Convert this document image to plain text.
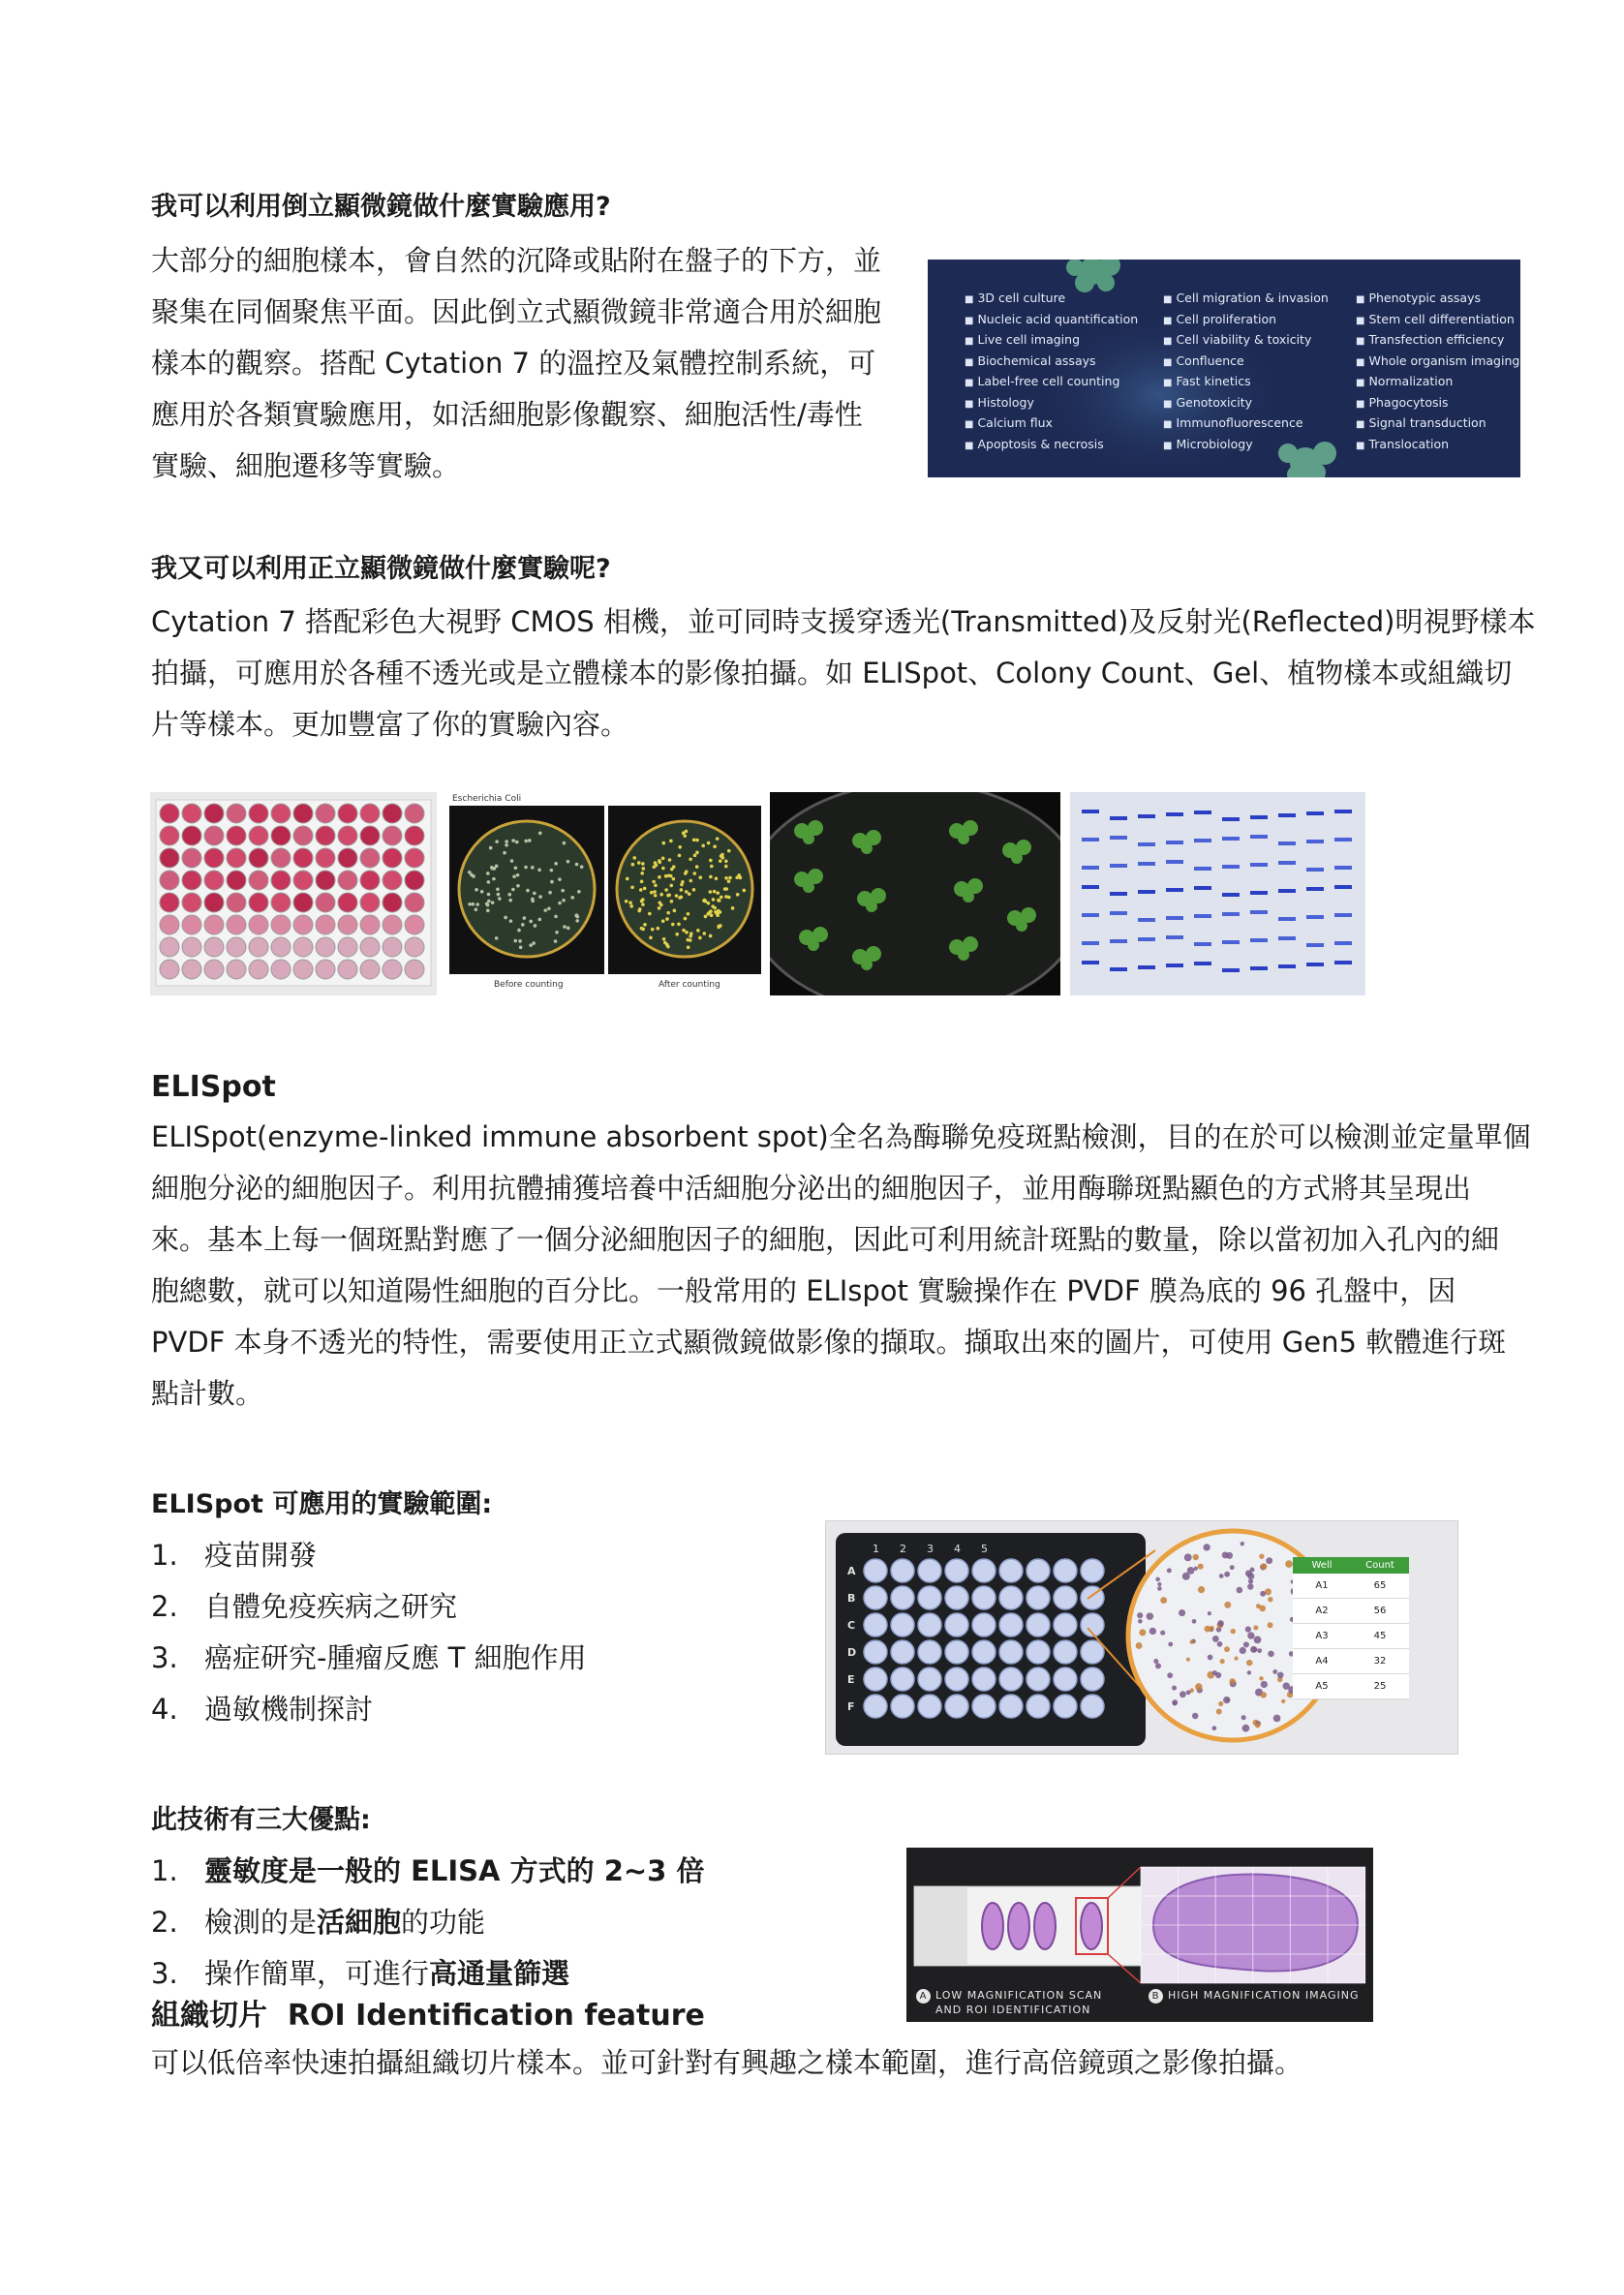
我可以利用倒立顯微鏡做什麼實驗應用?
大部分的細胞樣本，會自然的沉降或貼附在盤子的下方，並
聚集在同個聚焦平面。因此倒立式顯微鏡非常適合用於細胞
樣本的觀察。搭配 Cytation 7 的溫控及氣體控制系統，可
應用於各類實驗應用，如活細胞影像觀察、細胞活性/毒性
實驗、細胞遷移等實驗。
■ 3D cell culture
■ Nucleic acid quantification
■ Live cell imaging
■ Biochemical assays
■ Label-free cell counting
■ Histology
■ Calcium flux
■ Apoptosis & necrosis
■ Cell migration & invasion
■ Cell proliferation
■ Cell viability & toxicity
■ Confluence
■ Fast kinetics
■ Genotoxicity
■ Immunofluorescence
■ Microbiology
■ Phenotypic assays
■ Stem cell differentiation
■ Transfection efficiency
■ Whole organism imaging
■ Normalization
■ Phagocytosis
■ Signal transduction
■ Translocation
我又可以利用正立顯微鏡做什麼實驗呢?
Cytation 7 搭配彩色大視野 CMOS 相機，並可同時支援穿透光(Transmitted)及反射光(Reflected)明視野樣本
拍攝，可應用於各種不透光或是立體樣本的影像拍攝。如 ELISpot、Colony Count、Gel、植物樣本或組織切
片等樣本。更加豐富了你的實驗內容。
Escherichia Coli
Before counting	After counting
ELISpot
ELISpot(enzyme-linked immune absorbent spot)全名為酶聯免疫斑點檢測，目的在於可以檢測並定量單個
細胞分泌的細胞因子。利用抗體捕獲培養中活細胞分泌出的細胞因子，並用酶聯斑點顯色的方式將其呈現出
來。基本上每一個斑點對應了一個分泌細胞因子的細胞，因此可利用統計斑點的數量，除以當初加入孔內的細
胞總數，就可以知道陽性細胞的百分比。一般常用的 ELIspot 實驗操作在 PVDF 膜為底的 96 孔盤中，因
PVDF 本身不透光的特性，需要使用正立式顯微鏡做影像的擷取。擷取出來的圖片，可使用 Gen5 軟體進行斑
點計數。
ELISpot 可應用的實驗範圍:
1. 疫苗開發
2. 自體免疫疾病之研究
3. 癌症研究-腫瘤反應 T 細胞作用
4. 過敏機制探討
1 2 3 4 5
A
B
C
D
E
F
Well	Count
A1	65
A2	56
A3	45
A4	32
A5	25
此技術有三大優點:
1. 靈敏度是一般的 ELISA 方式的 2~3 倍
2. 檢測的是活細胞的功能
3. 操作簡單，可進行高通量篩選
A LOW MAGNIFICATION SCAN
AND ROI IDENTIFICATION
B HIGH MAGNIFICATION IMAGING
組織切片  ROI Identification feature
可以低倍率快速拍攝組織切片樣本。並可針對有興趣之樣本範圍，進行高倍鏡頭之影像拍攝。
